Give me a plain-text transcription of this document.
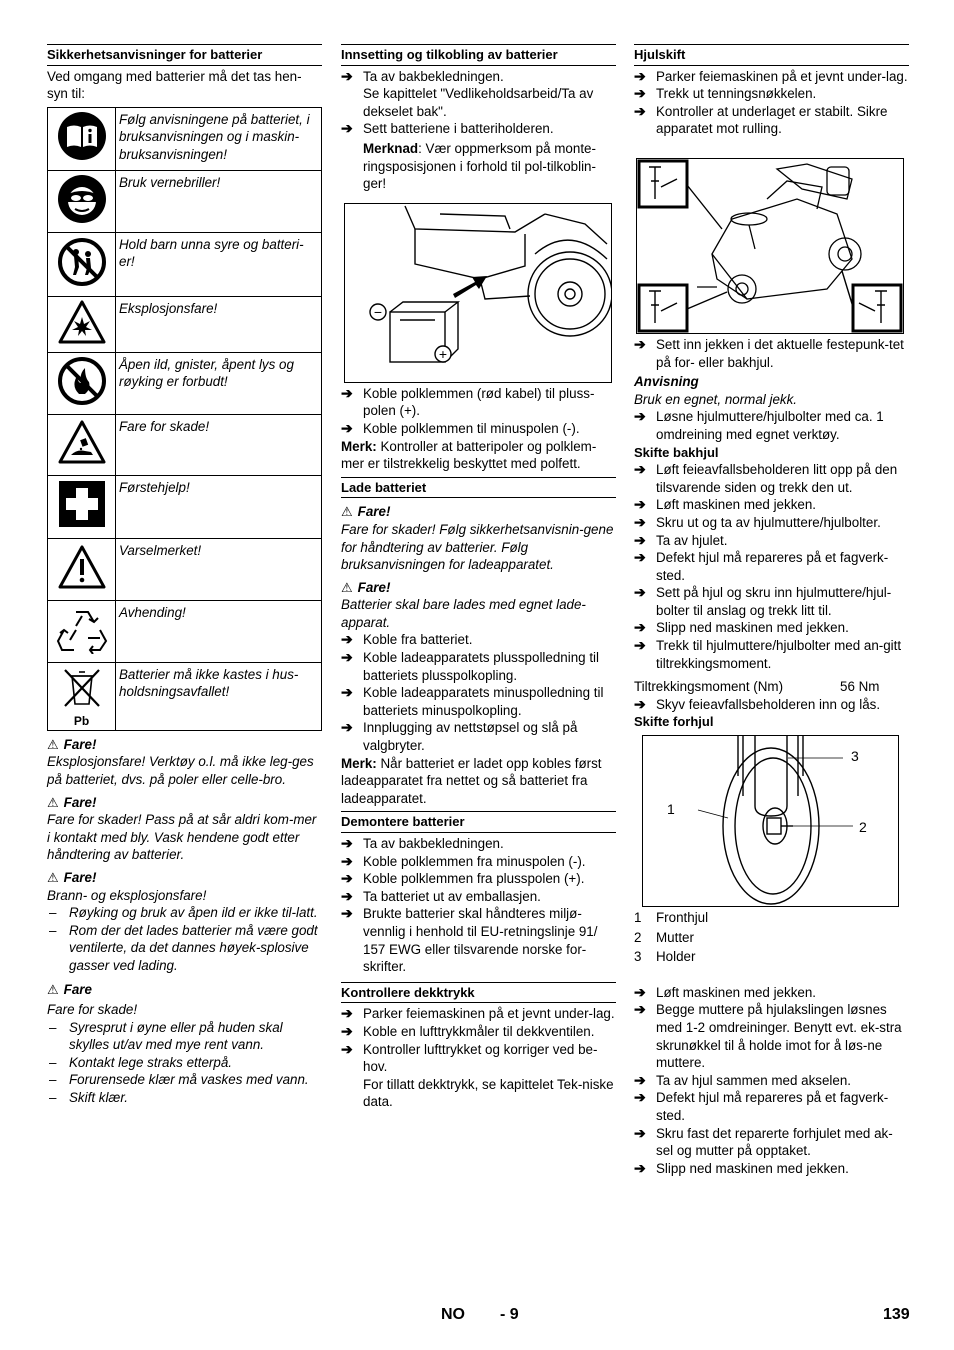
Sikkerhetsanvisninger for batterier

Ved omgang med batterier må det tas hen-syn til:

	Følg anvisningene på batteriet, i bruksanvisningen og i maskin-bruksanvisningen!
	Bruk vernebriller!
	Hold barn unna syre og batteri-er!
	Eksplosjonsfare!
	Åpen ild, gnister, åpent lys og røyking er forbudt!
	Fare for skade!
	Førstehjelp!
	Varselmerket!
	Avhending!

Pb	Batterier må ikke kastes i hus-holdsningsavfallet!
⚠ Fare!

Eksplosjonsfare! Verktøy o.l. må ikke leg-ges på batteriet, dvs. på poler eller celle-bro.

⚠ Fare!

Fare for skader! Pass på at sår aldri kom-mer i kontakt med bly. Vask hendene godt etter håndtering av batterier.

⚠ Fare!

Brann- og eksplosjonsfare!

– Røyking og bruk av åpen ild er ikke til-latt.
– Rom der det lades batterier må være godt ventilerte, da det dannes høyek-splosive gasser ved lading.
⚠ Fare

Fare for skade!

– Syresprut i øyne eller på huden skal skylles ut/av med mye rent vann.
– Kontakt lege straks etterpå.
– Forurensede klær må vaskes med vann.
– Skift klær.
Innsetting og tilkobling av batterier
➔ Ta av bakbekledningen.
Se kapittelet "Vedlikeholdsarbeid/Ta av dekselet bak".
➔ Sett batteriene i batteriholderen.
Merknad: Vær oppmerksom på monte-ringsposisjonen i forhold til pol-tilkoblin-ger!
−
+
➔ Koble polklemmen (rød kabel) til pluss-polen (+).
➔ Koble polklemmen til minuspolen (-).

Merk: Kontroller at batteripoler og polklem-mer er tilstrekkelig beskyttet med polfett.

Lade batteriet
⚠ Fare!

Fare for skader! Følg sikkerhetsanvisnin-gene for håndtering av batterier. Følg bruksanvisningen for ladeapparatet.

⚠ Fare!

Batterier skal bare lades med egnet lade-apparat.

➔ Koble fra batteriet.
➔ Koble ladeapparatets plusspolledning til batteriets plusspolkopling.
➔ Koble ladeapparatets minuspolledning til batteriets minuspolkopling.
➔ Innplugging av nettstøpsel og slå på valgbryter.

Merk: Når batteriet er ladet opp kobles først ladeapparatet fra nettet og så batteriet fra ladeapparatet.

Demontere batterier
➔ Ta av bakbekledningen.
➔ Koble polklemmen fra minuspolen (-).
➔ Koble polklemmen fra plusspolen (+).
➔ Ta batteriet ut av emballasjen.
➔ Brukte batterier skal håndteres miljø-vennlig i henhold til EU-retningslinje 91/ 157 EWG eller tilsvarende norske for-skrifter.
Kontrollere dekktrykk
➔ Parker feiemaskinen på et jevnt under-lag.
➔ Koble en lufttrykkmåler til dekkventilen.
➔ Kontroller lufttrykket og korriger ved be-hov.
For tillatt dekktrykk, se kapittelet Tek-niske data.
Hjulskift
➔ Parker feiemaskinen på et jevnt under-lag.
➔ Trekk ut tenningsnøkkelen.
➔ Kontroller at underlaget er stabilt. Sikre apparatet mot rulling.
➔ Sett inn jekken i det aktuelle festepunk-tet på for- eller bakhjul.
Anvisning

Bruk en egnet, normal jekk.

➔ Løsne hjulmuttere/hjulbolter med ca. 1 omdreining med egnet verktøy.
Skifte bakhjul
➔ Løft feieavfallsbeholderen litt opp på den tilsvarende siden og trekk den ut.
➔ Løft maskinen med jekken.
➔ Skru ut og ta av hjulmuttere/hjulbolter.
➔ Ta av hjulet.
➔ Defekt hjul må repareres på et fagverk-sted.
➔ Sett på hjul og skru inn hjulmuttere/hjul-bolter til anslag og trekk litt til.
➔ Slipp ned maskinen med jekken.
➔ Trekk til hjulmuttere/hjulbolter med an-gitt tiltrekkingsmoment.
Tiltrekkingsmoment (Nm)	56 Nm
➔ Skyv feieavfallsbeholderen inn og lås.
Skifte forhjul
3
1
2
1	Fronthjul
2	Mutter
3	Holder
➔ Løft maskinen med jekken.
➔ Begge muttere på hjulakslingen løsnes med 1-2 omdreininger. Benytt evt. ek-stra skrunøkkel til å holde imot for å løs-ne muttere.
➔ Ta av hjul sammen med akselen.
➔ Defekt hjul må repareres på et fagverk-sted.
➔ Skru fast det reparerte forhjulet med ak-sel og mutter på opptaket.
➔ Slipp ned maskinen med jekken.
NO - 9	139
